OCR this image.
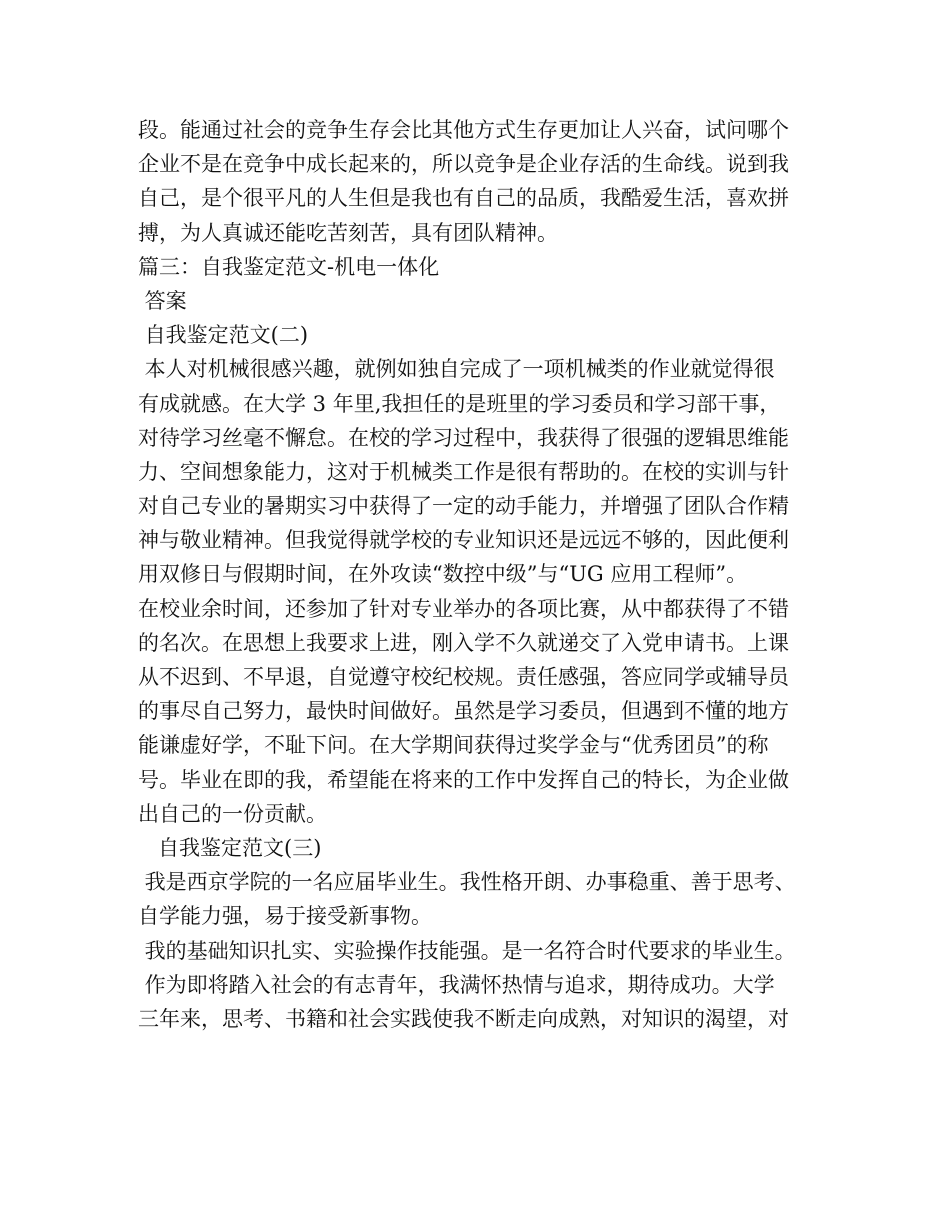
段。能通过社会的竞争生存会比其他方式生存更加让人兴奋，试问哪个
企业不是在竞争中成长起来的，所以竞争是企业存活的生命线。说到我
自己，是个很平凡的人生但是我也有自己的品质，我酷爱生活，喜欢拼
搏，为人真诚还能吃苦刻苦，具有团队精神。
篇三：自我鉴定范文-机电一体化
答案
自我鉴定范文(二)
本人对机械很感兴趣，就例如独自完成了一项机械类的作业就觉得很
有成就感。在大学 3 年里,我担任的是班里的学习委员和学习部干事，
对待学习丝毫不懈怠。在校的学习过程中，我获得了很强的逻辑思维能
力、空间想象能力，这对于机械类工作是很有帮助的。在校的实训与针
对自己专业的暑期实习中获得了一定的动手能力，并增强了团队合作精
神与敬业精神。但我觉得就学校的专业知识还是远远不够的，因此便利
用双修日与假期时间，在外攻读“数控中级”与“UG 应用工程师”。
在校业余时间，还参加了针对专业举办的各项比赛，从中都获得了不错
的名次。在思想上我要求上进，刚入学不久就递交了入党申请书。上课
从不迟到、不早退，自觉遵守校纪校规。责任感强，答应同学或辅导员
的事尽自己努力，最快时间做好。虽然是学习委员，但遇到不懂的地方
能谦虚好学，不耻下问。在大学期间获得过奖学金与“优秀团员”的称
号。毕业在即的我，希望能在将来的工作中发挥自己的特长，为企业做
出自己的一份贡献。
自我鉴定范文(三)
我是西京学院的一名应届毕业生。我性格开朗、办事稳重、善于思考、
自学能力强，易于接受新事物。
我的基础知识扎实、实验操作技能强。是一名符合时代要求的毕业生。
作为即将踏入社会的有志青年，我满怀热情与追求，期待成功。大学
三年来，思考、书籍和社会实践使我不断走向成熟，对知识的渴望，对
